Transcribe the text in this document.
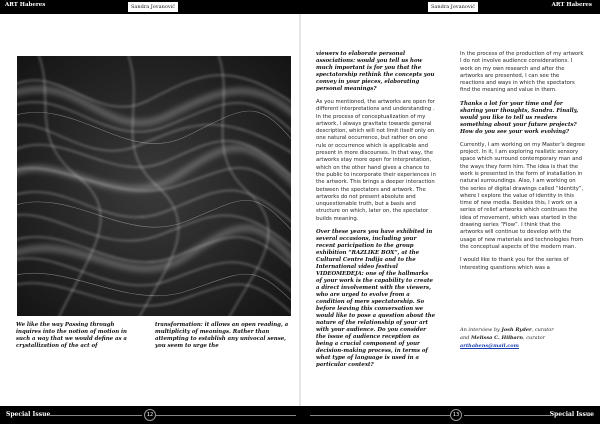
ART Haberes	Sandra Jovanović	Sandra Jovanović	ART Haberes

We like the way Passing through inquires into the notion of motion in such a way that we would define as a crystallization of the act of

transformation: it allows an open reading, a multiplicity of meanings. Rather than attempting to establish any univocal sense, you seem to urge the

viewers to elaborate personal associations: would you tell us how much important is for you that the spectatorship rethink the concepts you convey in your pieces, elaborating personal meanings?

As you mentioned, the artworks are open for different interpretations and understanding . In the process of conceptualization of my artwork, I always gravitate towards general description, which will not limit itself only on one natural occurrence, but rather on one rule or occurrence which is applicable and present in more discourses. In that way, the artworks stay more open for interpretation, which on the other hand gives a chance to the public to incorporate their experiences in the artwork. This brings a deeper interaction between the spectators and artwork. The artworks do not present absolute and unquestionable truth, but a basis and structure on which, later on, the spectator builds meaning.

Over these years you have exhibited in several occasions, including your recent paricipation to the group exhibition “RAZLIKE BOX”, at the Cultural Centre Inđija and to the International video festival VIDEOMEDEJA: one of the hallmarks of your work is the capability to create a direct involvement with the viewers, who are urged to evolve from a condition of mere spectatorship. So before leaving this conversation we would like to pose a question about the nature of the relationship of your art with your audience. Do you consider the issue of audience reception as being a crucial component of your decision-making process, in terms of what type of language is used in a particular context?

In the process of the production of my artwork I do not involve audience considerations. I work on my own research and after the artworks are presented, I can see the reactions and ways in which the spectators find the meaning and value in them.

Thanks a lot for your time and for sharing your thoughts, Sandra. Finally, would you like to tell us readers something about your future projects? How do you see your work evolving?

Currently, I am working on my Master’s degree project. In it, I am exploring realistic sensory space which surround contemporary man and the ways they form him. The idea is that the work is presented in the form of installation in natural surroundings. Also, I am working on the series of digital drawings called “Identity”, where I explore the value of identity in this time of new media. Besides this, I work on a series of relief artworks which continues the idea of movement, which was started in the drawing series “Flow”. I think that the artworks will continue to develop with the usage of new materials and technologies from the conceptual aspects of the modern man.

I would like to thank you for the series of interesting questions which was a

An interview by Josh Ryder, curator
and Melissa C. Hilbarn, curator
arthabens@mail.com
Special Issue	12	13	Special Issue
